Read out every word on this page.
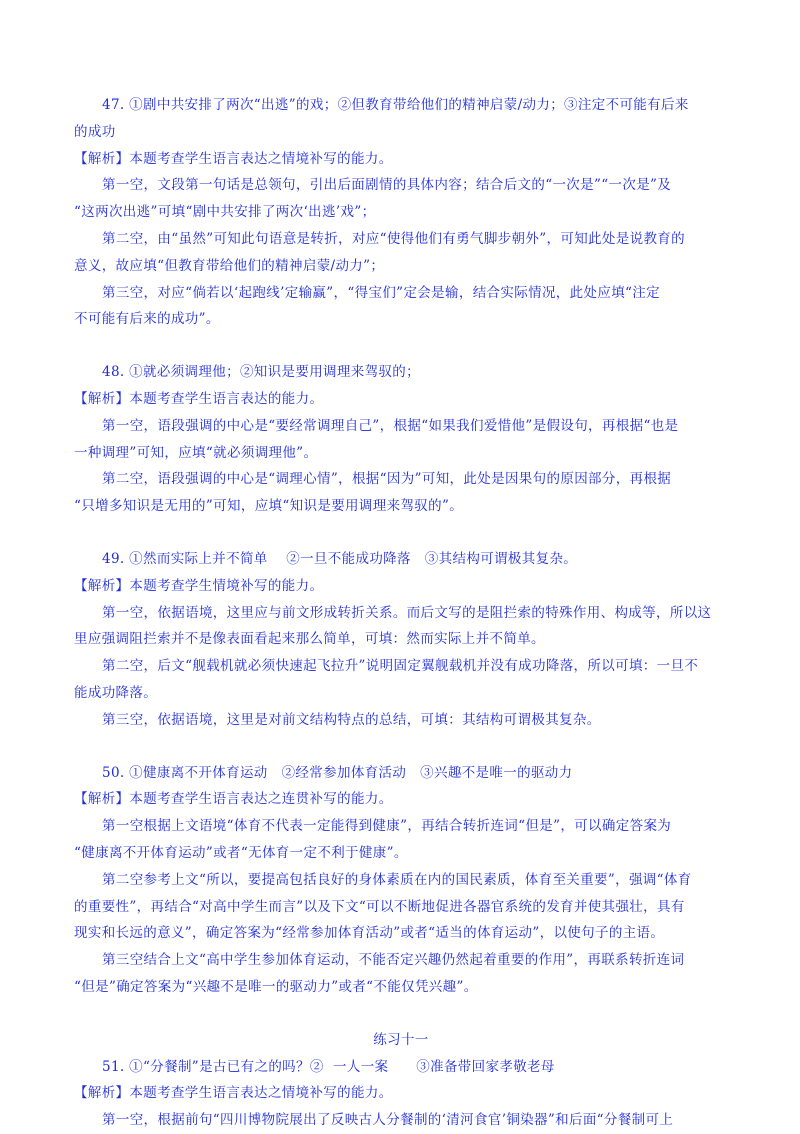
47. ①剧中共安排了两次“出逃”的戏；②但教育带给他们的精神启蒙/动力；③注定不可能有后来
的成功
【解析】本题考查学生语言表达之情境补写的能力。
第一空，文段第一句话是总领句，引出后面剧情的具体内容；结合后文的“一次是”“一次是”及
“这两次出逃”可填“剧中共安排了两次‘出逃’戏”；
第二空，由“虽然”可知此句语意是转折，对应“使得他们有勇气脚步朝外”，可知此处是说教育的
意义，故应填“但教育带给他们的精神启蒙/动力”；
第三空，对应“倘若以‘起跑线’定输赢”，“得宝们”定会是输，结合实际情况，此处应填“注定
不可能有后来的成功”。
48. ①就必须调理他；②知识是要用调理来驾驭的；
【解析】本题考查学生语言表达的能力。
第一空，语段强调的中心是“要经常调理自己”，根据“如果我们爱惜他”是假设句，再根据“也是
一种调理”可知，应填“就必须调理他”。
第二空，语段强调的中心是“调理心情”，根据“因为”可知，此处是因果句的原因部分，再根据
“只增多知识是无用的”可知，应填“知识是要用调理来驾驭的”。
49. ①然而实际上并不简单    ②一旦不能成功降落   ③其结构可谓极其复杂。
【解析】本题考查学生情境补写的能力。
第一空，依据语境，这里应与前文形成转折关系。而后文写的是阻拦索的特殊作用、构成等，所以这
里应强调阻拦索并不是像表面看起来那么简单，可填：然而实际上并不简单。
第二空，后文“舰载机就必须快速起飞拉升”说明固定翼舰载机并没有成功降落，所以可填：一旦不
能成功降落。
第三空，依据语境，这里是对前文结构特点的总结，可填：其结构可谓极其复杂。
50. ①健康离不开体育运动   ②经常参加体育活动   ③兴趣不是唯一的驱动力
【解析】本题考查学生语言表达之连贯补写的能力。
第一空根据上文语境“体育不代表一定能得到健康”，再结合转折连词“但是”，可以确定答案为
“健康离不开体育运动”或者“无体育一定不利于健康”。
第二空参考上文“所以，要提高包括良好的身体素质在内的国民素质，体育至关重要”，强调“体育
的重要性”，再结合“对高中学生而言”以及下文“可以不断地促进各器官系统的发育并使其强壮，具有
现实和长远的意义”，确定答案为“经常参加体育活动”或者“适当的体育运动”，以使句子的主语。
第三空结合上文“高中学生参加体育运动，不能否定兴趣仍然起着重要的作用”，再联系转折连词
“但是”确定答案为“兴趣不是唯一的驱动力”或者“不能仅凭兴趣”。
练习十一
51. ①“分餐制”是古已有之的吗？②  一人一案      ③准备带回家孝敬老母
【解析】本题考查学生语言表达之情境补写的能力。
第一空，根据前句“四川博物院展出了反映古人分餐制的‘清河食官’铜染器”和后面“分餐制可上
